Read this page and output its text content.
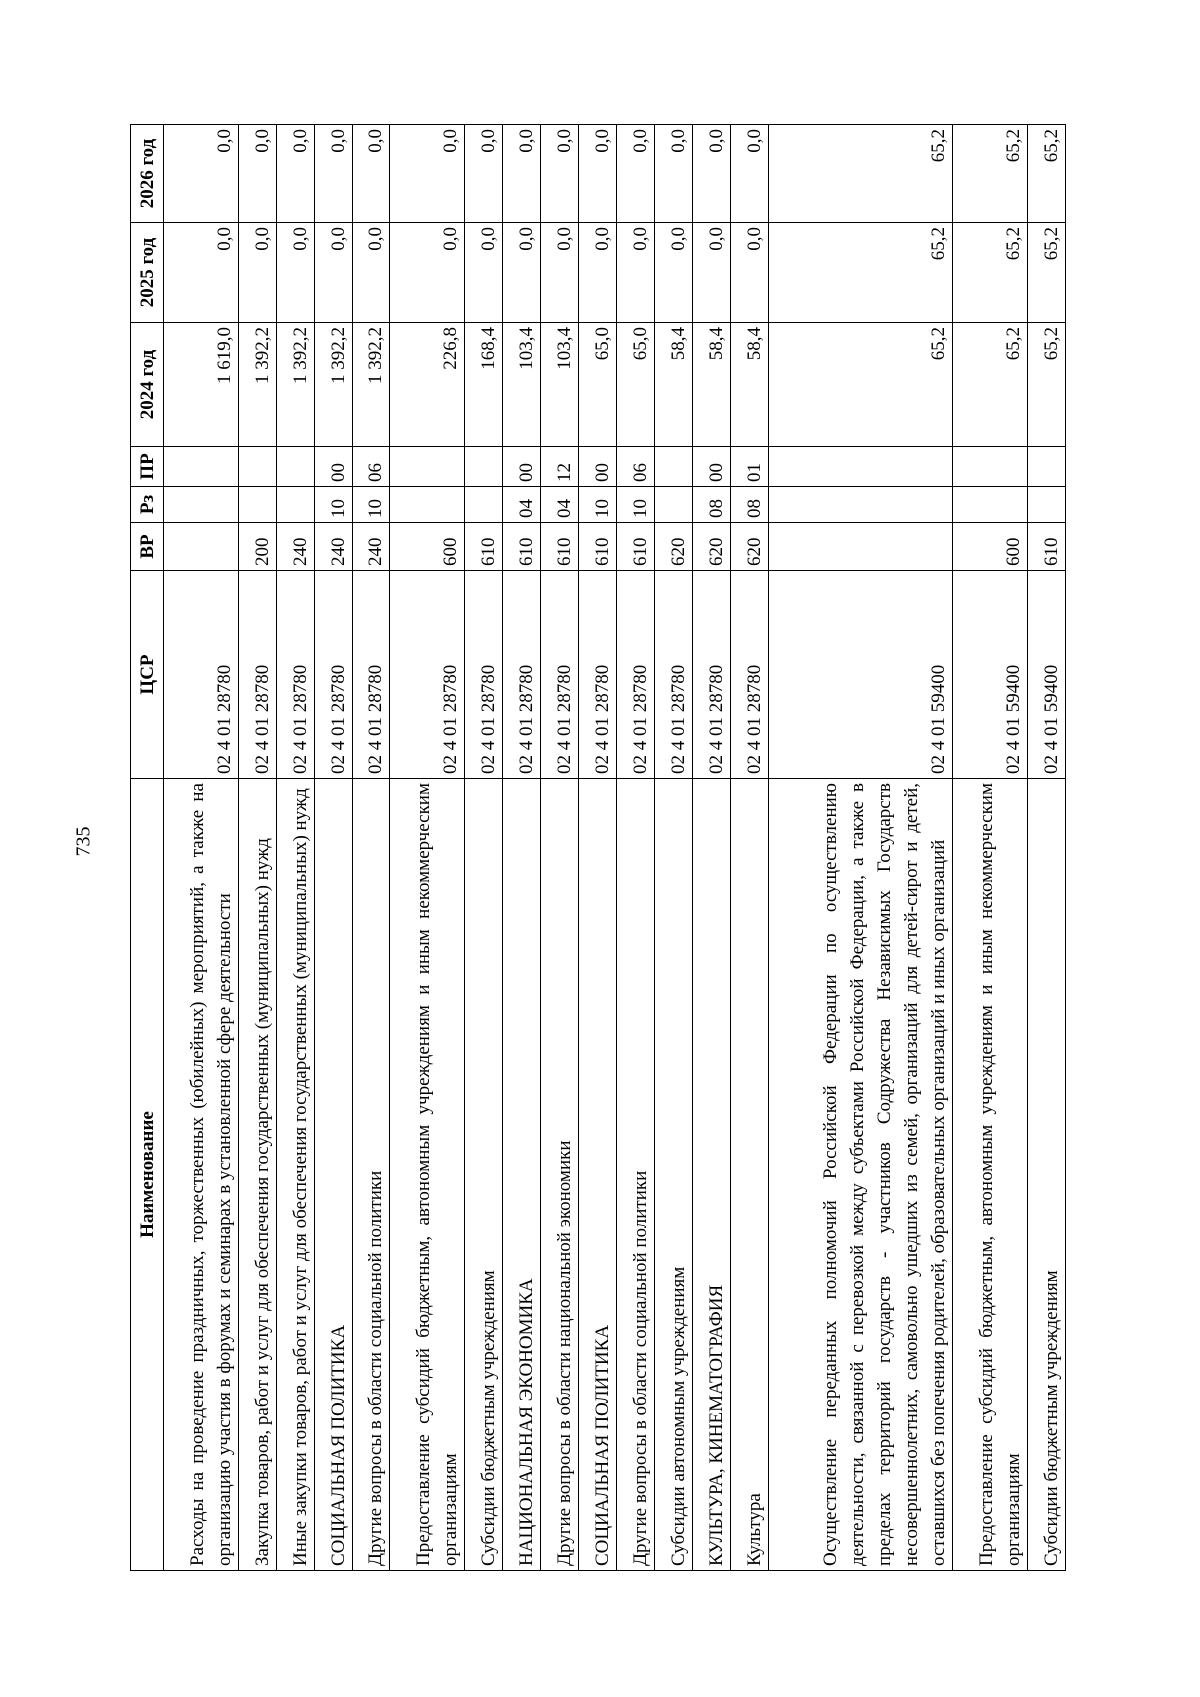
735
Наименование	ЦСР	ВР	Рз	ПР	2024 год	2025 год	2026 год
Расходы на проведение праздничных, торжественных (юбилейных) мероприятий, а также на организацию участия в форумах и семинарах в установленной сфере деятельности	02 4 01 28780				1 619,0	0,0	0,0
Закупка товаров, работ и услуг для обеспечения государственных (муниципальных) нужд	02 4 01 28780	200			1 392,2	0,0	0,0
Иные закупки товаров, работ и услуг для обеспечения государственных (муниципальных) нужд	02 4 01 28780	240			1 392,2	0,0	0,0
СОЦИАЛЬНАЯ ПОЛИТИКА	02 4 01 28780	240	10	00	1 392,2	0,0	0,0
Другие вопросы в области социальной политики	02 4 01 28780	240	10	06	1 392,2	0,0	0,0
Предоставление субсидий бюджетным, автономным учреждениям и иным некоммерческим организациям	02 4 01 28780	600			226,8	0,0	0,0
Субсидии бюджетным учреждениям	02 4 01 28780	610			168,4	0,0	0,0
НАЦИОНАЛЬНАЯ ЭКОНОМИКА	02 4 01 28780	610	04	00	103,4	0,0	0,0
Другие вопросы в области национальной экономики	02 4 01 28780	610	04	12	103,4	0,0	0,0
СОЦИАЛЬНАЯ ПОЛИТИКА	02 4 01 28780	610	10	00	65,0	0,0	0,0
Другие вопросы в области социальной политики	02 4 01 28780	610	10	06	65,0	0,0	0,0
Субсидии автономным учреждениям	02 4 01 28780	620			58,4	0,0	0,0
КУЛЬТУРА, КИНЕМАТОГРАФИЯ	02 4 01 28780	620	08	00	58,4	0,0	0,0
Культура	02 4 01 28780	620	08	01	58,4	0,0	0,0
Осуществление переданных полномочий Российской Федерации по осуществлению деятельности, связанной с перевозкой между субъектами Российской Федерации, а также в пределах территорий государств - участников Содружества Независимых Государств несовершеннолетних, самовольно ушедших из семей, организаций для детей-сирот и детей, оставшихся без попечения родителей, образовательных организаций и иных организаций	02 4 01 59400				65,2	65,2	65,2
Предоставление субсидий бюджетным, автономным учреждениям и иным некоммерческим организациям	02 4 01 59400	600			65,2	65,2	65,2
Субсидии бюджетным учреждениям	02 4 01 59400	610			65,2	65,2	65,2
